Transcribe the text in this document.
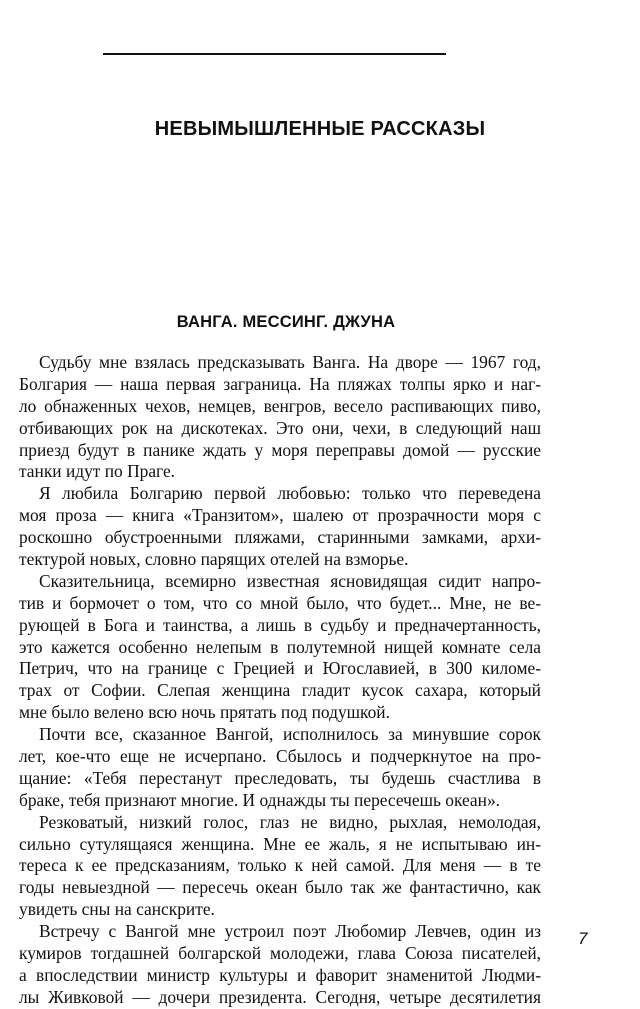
НЕВЫМЫШЛЕННЫЕ РАССКАЗЫ
ВАНГА. МЕССИНГ. ДЖУНА
Судьбу мне взялась предсказывать Ванга. На дворе — 1967 год,
Болгария — наша первая заграница. На пляжах толпы ярко и наг-
ло обнаженных чехов, немцев, венгров, весело распивающих пиво,
отбивающих рок на дискотеках. Это они, чехи, в следующий наш
приезд будут в панике ждать у моря переправы домой — русские
танки идут по Праге.
Я любила Болгарию первой любовью: только что переведена
моя проза — книга «Транзитом», шалею от прозрачности моря с
роскошно обустроенными пляжами, старинными замками, архи-
тектурой новых, словно парящих отелей на взморье.
Сказительница, всемирно известная ясновидящая сидит напро-
тив и бормочет о том, что со мной было, что будет... Мне, не ве-
рующей в Бога и таинства, а лишь в судьбу и предначертанность,
это кажется особенно нелепым в полутемной нищей комнате села
Петрич, что на границе с Грецией и Югославией, в 300 киломе-
трах от Софии. Слепая женщина гладит кусок сахара, который
мне было велено всю ночь прятать под подушкой.
Почти все, сказанное Вангой, исполнилось за минувшие сорок
лет, кое-что еще не исчерпано. Сбылось и подчеркнутое на про-
щание: «Тебя перестанут преследовать, ты будешь счастлива в
браке, тебя признают многие. И однажды ты пересечешь океан».
Резковатый, низкий голос, глаз не видно, рыхлая, немолодая,
сильно сутулящаяся женщина. Мне ее жаль, я не испытываю ин-
тереса к ее предсказаниям, только к ней самой. Для меня — в те
годы невыездной — пересечь океан было так же фантастично, как
увидеть сны на санскрите.
Встречу с Вангой мне устроил поэт Любомир Левчев, один из
кумиров тогдашней болгарской молодежи, глава Союза писателей,
а впоследствии министр культуры и фаворит знаменитой Людми-
лы Живковой — дочери президента. Сегодня, четыре десятилетия
7
